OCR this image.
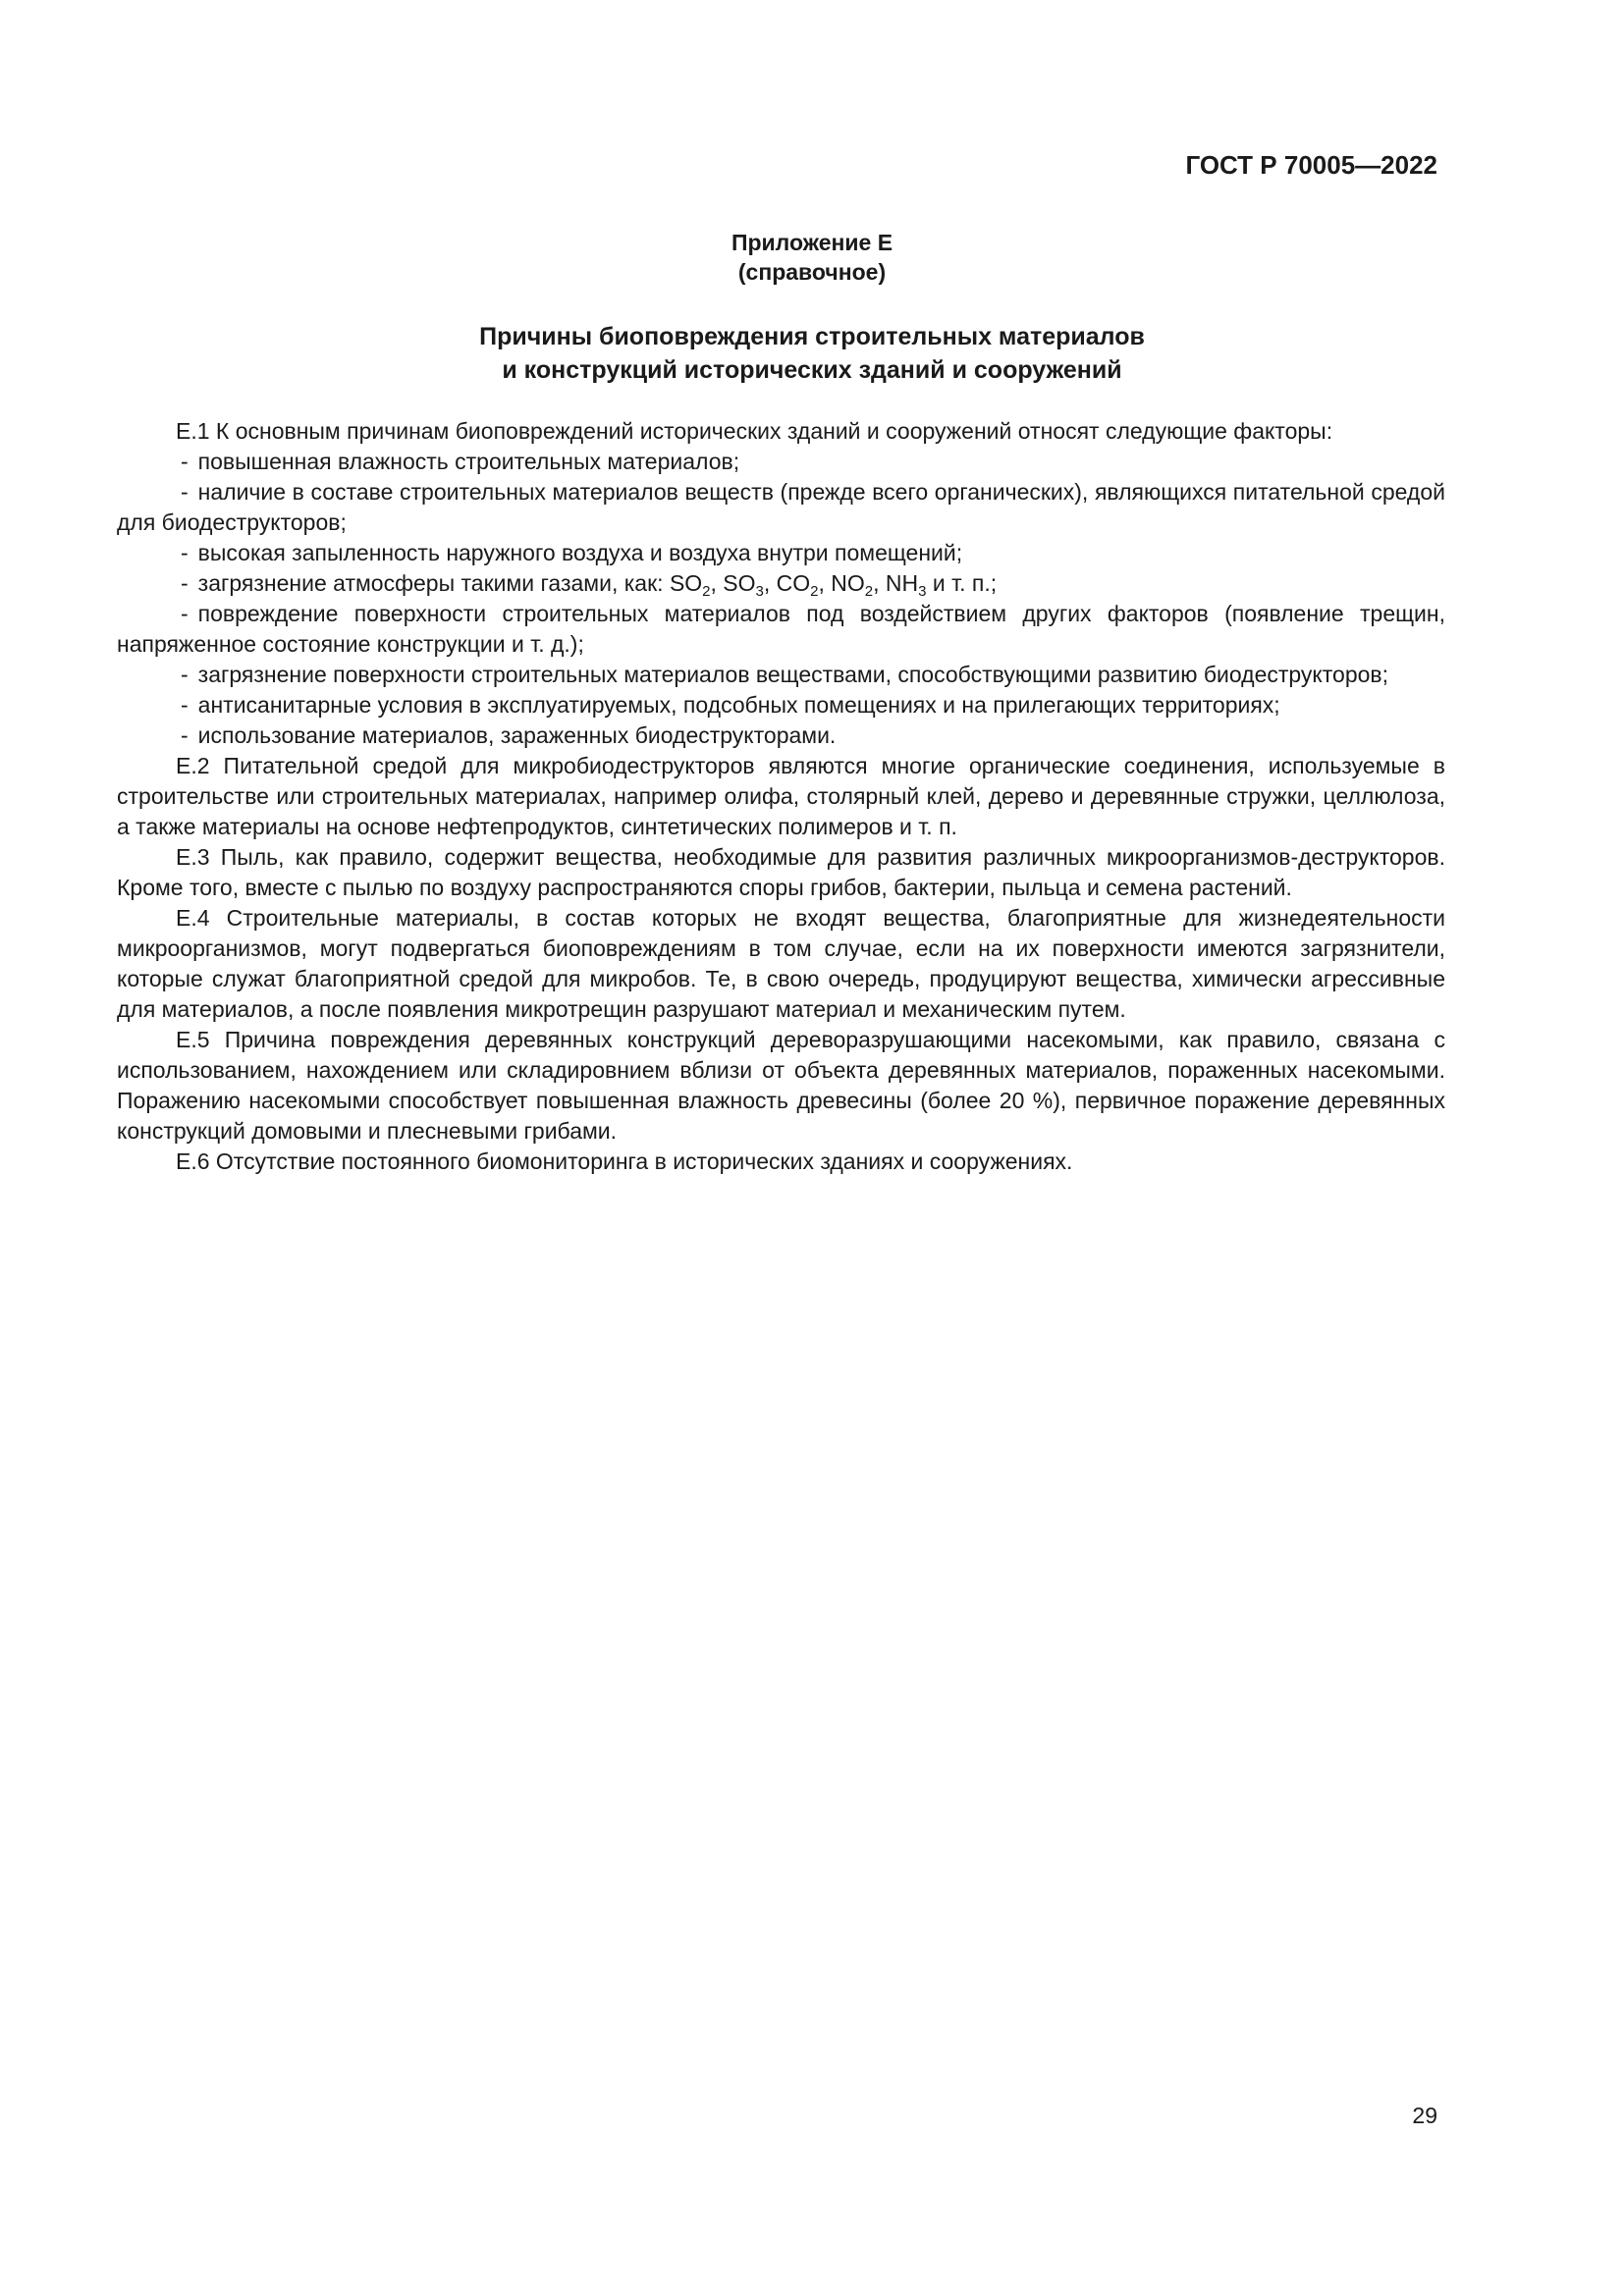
ГОСТ Р 70005—2022
Приложение Е
(справочное)
Причины биоповреждения строительных материалов
и конструкций исторических зданий и сооружений

Е.1 К основным причинам биоповреждений исторических зданий и сооружений относят следующие факторы:

- повышенная влажность строительных материалов;

- наличие в составе строительных материалов веществ (прежде всего органических), являющихся питательной средой для биодеструкторов;

- высокая запыленность наружного воздуха и воздуха внутри помещений;

- загрязнение атмосферы такими газами, как: $SO_2$, $SO_3$, $CO_2$, $NO_2$, $NH_3$ и т. п.;

- повреждение поверхности строительных материалов под воздействием других факторов (появление трещин, напряженное состояние конструкции и т. д.);

- загрязнение поверхности строительных материалов веществами, способствующими развитию биодеструкторов;

- антисанитарные условия в эксплуатируемых, подсобных помещениях и на прилегающих территориях;

- использование материалов, зараженных биодеструкторами.

Е.2 Питательной средой для микробиодеструкторов являются многие органические соединения, используемые в строительстве или строительных материалах, например олифа, столярный клей, дерево и деревянные стружки, целлюлоза, а также материалы на основе нефтепродуктов, синтетических полимеров и т. п.

Е.3 Пыль, как правило, содержит вещества, необходимые для развития различных микроорганизмов-деструкторов. Кроме того, вместе с пылью по воздуху распространяются споры грибов, бактерии, пыльца и семена растений.

Е.4 Строительные материалы, в состав которых не входят вещества, благоприятные для жизнедеятельности микроорганизмов, могут подвергаться биоповреждениям в том случае, если на их поверхности имеются загрязнители, которые служат благоприятной средой для микробов. Те, в свою очередь, продуцируют вещества, химически агрессивные для материалов, а после появления микротрещин разрушают материал и механическим путем.

Е.5 Причина повреждения деревянных конструкций дереворазрушающими насекомыми, как правило, связана с использованием, нахождением или складировнием вблизи от объекта деревянных материалов, пораженных насекомыми. Поражению насекомыми способствует повышенная влажность древесины (более 20 %), первичное поражение деревянных конструкций домовыми и плесневыми грибами.

Е.6 Отсутствие постоянного биомониторинга в исторических зданиях и сооружениях.

29
